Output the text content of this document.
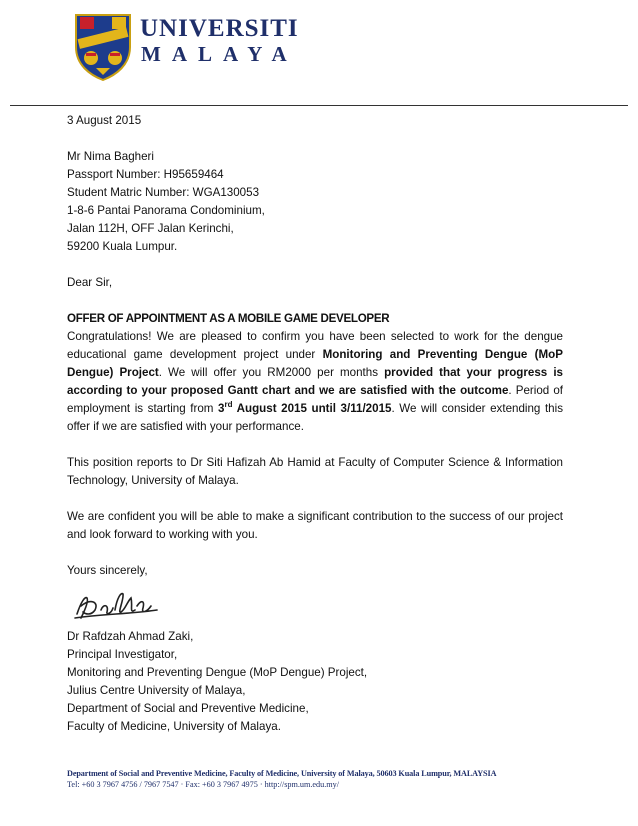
UNIVERSITI
MALAYA
3 August 2015
Mr Nima Bagheri
Passport Number: H95659464
Student Matric Number: WGA130053
1-8-6 Pantai Panorama Condominium,
Jalan 112H, OFF Jalan Kerinchi,
59200 Kuala Lumpur.
Dear Sir,
OFFER OF APPOINTMENT AS A MOBILE GAME DEVELOPER
Congratulations! We are pleased to confirm you have been selected to work for the dengue educational game development project under Monitoring and Preventing Dengue (MoP Dengue) Project. We will offer you RM2000 per months provided that your progress is according to your proposed Gantt chart and we are satisfied with the outcome. Period of employment is starting from 3rd August 2015 until 3/11/2015. We will consider extending this offer if we are satisfied with your performance.
This position reports to Dr Siti Hafizah Ab Hamid at Faculty of Computer Science & Information Technology, University of Malaya.
We are confident you will be able to make a significant contribution to the success of our project and look forward to working with you.
Yours sincerely,
Dr Rafdzah Ahmad Zaki,
Principal Investigator,
Monitoring and Preventing Dengue (MoP Dengue) Project,
Julius Centre University of Malaya,
Department of Social and Preventive Medicine,
Faculty of Medicine, University of Malaya.
Department of Social and Preventive Medicine, Faculty of Medicine, University of Malaya, 50603 Kuala Lumpur, MALAYSIA
Tel: +60 3 7967 4756 / 7967 7547 · Fax: +60 3 7967 4975 · http://spm.um.edu.my/
